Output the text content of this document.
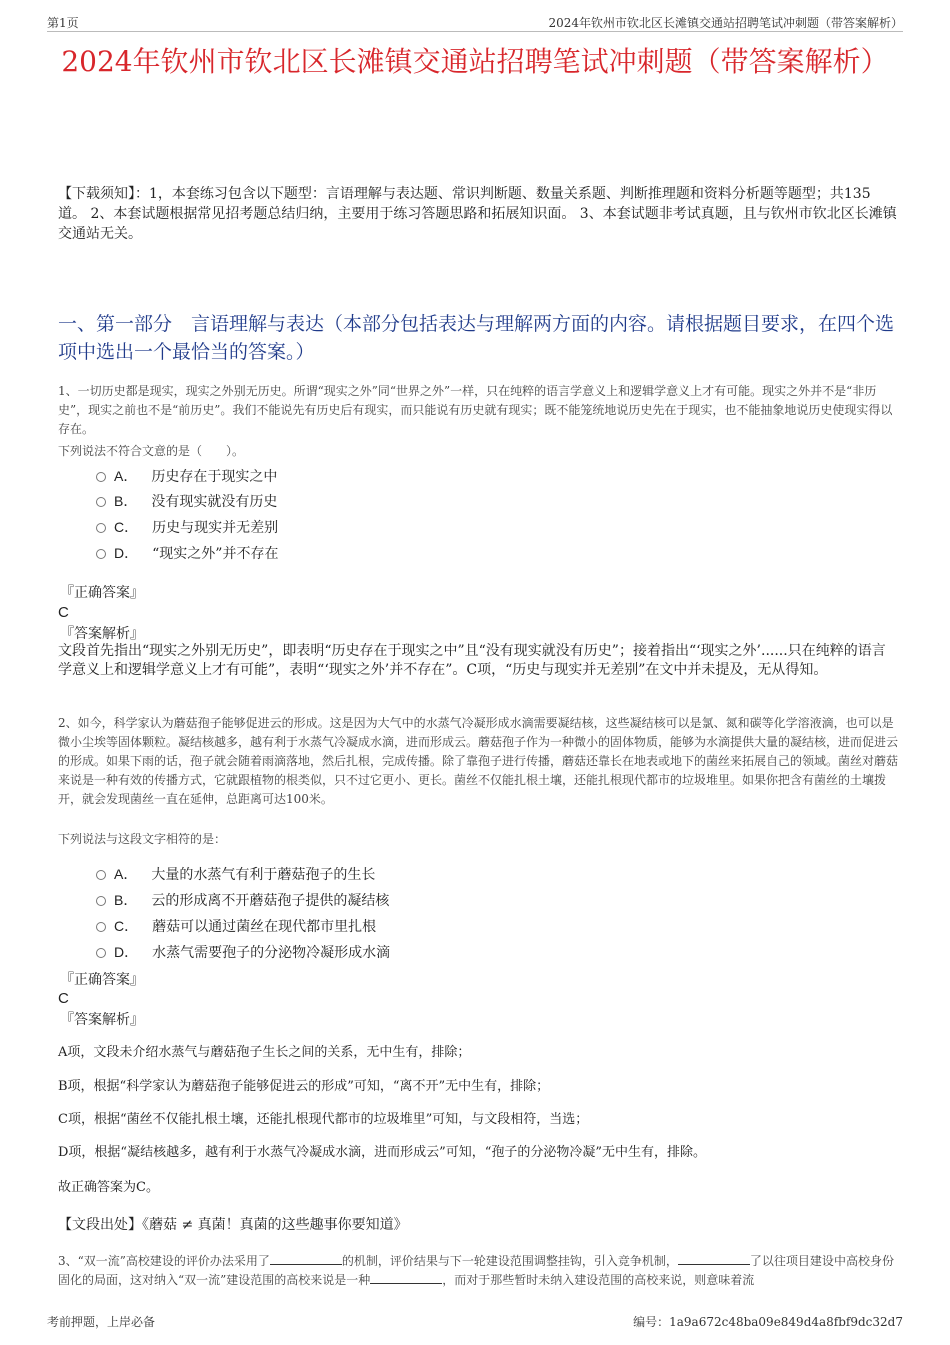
第1页	2024年钦州市钦北区长滩镇交通站招聘笔试冲刺题（带答案解析）
2024年钦州市钦北区长滩镇交通站招聘笔试冲刺题（带答案解析）
【下载须知】：1，本套练习包含以下题型：言语理解与表达题、常识判断题、数量关系题、判断推理题和资料分析题等题型；共135道。 2、本套试题根据常见招考题总结归纳，主要用于练习答题思路和拓展知识面。 3、本套试题非考试真题，且与钦州市钦北区长滩镇交通站无关。
一、第一部分　言语理解与表达（本部分包括表达与理解两方面的内容。请根据题目要求，在四个选项中选出一个最恰当的答案。）
1、一切历史都是现实，现实之外别无历史。所谓“现实之外”同“世界之外”一样，只在纯粹的语言学意义上和逻辑学意义上才有可能。现实之外并不是“非历史”，现实之前也不是“前历史”。我们不能说先有历史后有现实，而只能说有历史就有现实；既不能笼统地说历史先在于现实，也不能抽象地说历史使现实得以存在。
下列说法不符合文意的是（　　）。
A． 历史存在于现实之中
B． 没有现实就没有历史
C． 历史与现实并无差别
D． “现实之外”并不存在
『正确答案』
C
『答案解析』
文段首先指出“现实之外别无历史”，即表明“历史存在于现实之中”且“没有现实就没有历史”；接着指出“‘现实之外’......只在纯粹的语言学意义上和逻辑学意义上才有可能”，表明“‘现实之外’并不存在”。C项，“历史与现实并无差别”在文中并未提及，无从得知。
2、如今，科学家认为蘑菇孢子能够促进云的形成。这是因为大气中的水蒸气冷凝形成水滴需要凝结核，这些凝结核可以是氯、氮和碳等化学溶液滴，也可以是微小尘埃等固体颗粒。凝结核越多，越有利于水蒸气冷凝成水滴，进而形成云。蘑菇孢子作为一种微小的固体物质，能够为水滴提供大量的凝结核，进而促进云的形成。如果下雨的话，孢子就会随着雨滴落地，然后扎根，完成传播。除了靠孢子进行传播，蘑菇还靠长在地表或地下的菌丝来拓展自己的领域。菌丝对蘑菇来说是一种有效的传播方式，它就跟植物的根类似，只不过它更小、更长。菌丝不仅能扎根土壤，还能扎根现代都市的垃圾堆里。如果你把含有菌丝的土壤拨开，就会发现菌丝一直在延伸，总距离可达100米。
下列说法与这段文字相符的是：
A． 大量的水蒸气有利于蘑菇孢子的生长
B． 云的形成离不开蘑菇孢子提供的凝结核
C． 蘑菇可以通过菌丝在现代都市里扎根
D． 水蒸气需要孢子的分泌物冷凝形成水滴
『正确答案』
C
『答案解析』
A项，文段未介绍水蒸气与蘑菇孢子生长之间的关系，无中生有，排除；
B项，根据“科学家认为蘑菇孢子能够促进云的形成”可知，“离不开”无中生有，排除；
C项，根据“菌丝不仅能扎根土壤，还能扎根现代都市的垃圾堆里”可知，与文段相符，当选；
D项，根据“凝结核越多，越有利于水蒸气冷凝成水滴，进而形成云”可知，“孢子的分泌物冷凝”无中生有，排除。
故正确答案为C。
【文段出处】《蘑菇 ≠ 真菌！真菌的这些趣事你要知道》
3、“双一流”高校建设的评价办法采用了	的机制，评价结果与下一轮建设范围调整挂钩，引入竞争机制，	了以往项目建设中高校身份固化的局面，这对纳入“双一流”建设范围的高校来说是一种	，而对于那些暂时未纳入建设范围的高校来说，则意味着流
考前押题，上岸必备	编号：1a9a672c48ba09e849d4a8fbf9dc32d7
